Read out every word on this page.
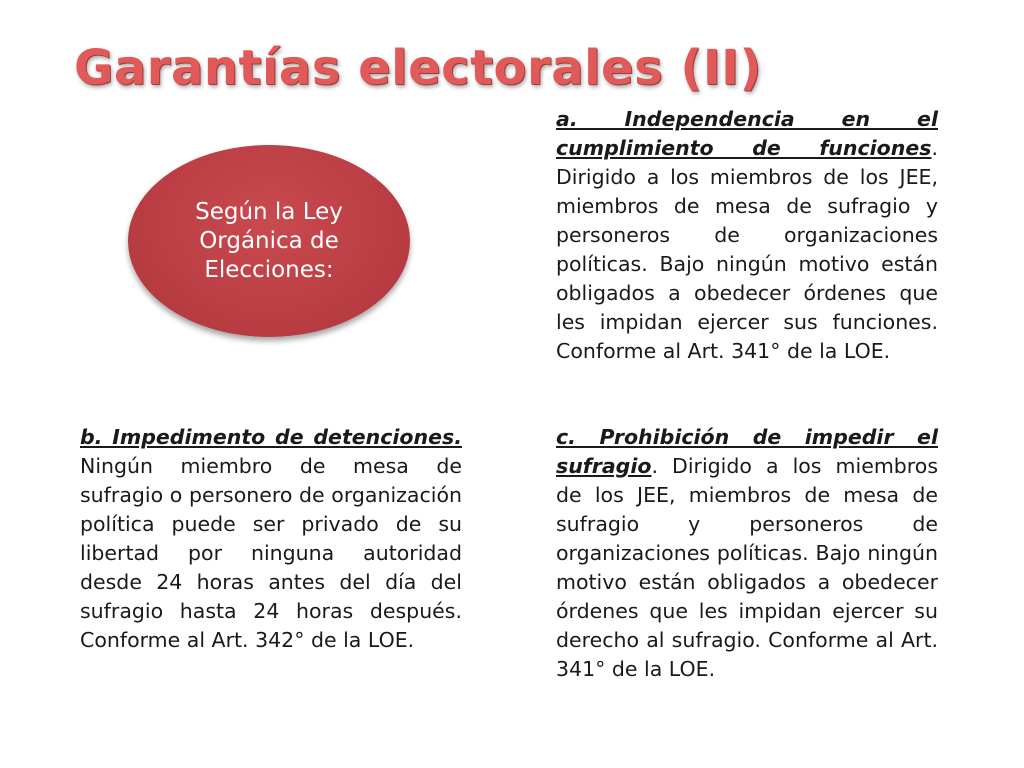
Garantías electorales (II)
Según la Ley Orgánica de Elecciones:
a. Independencia en el cumplimiento de funciones. Dirigido a los miembros de los JEE, miembros de mesa de sufragio y personeros de organizaciones políticas. Bajo ningún motivo están obligados a obedecer órdenes que les impidan ejercer sus funciones. Conforme al Art. 341° de la LOE.
b. Impedimento de detenciones. Ningún miembro de mesa de sufragio o personero de organización política puede ser privado de su libertad por ninguna autoridad desde 24 horas antes del día del sufragio hasta 24 horas después. Conforme al Art. 342° de la LOE.
c. Prohibición de impedir el sufragio. Dirigido a los miembros de los JEE, miembros de mesa de sufragio y personeros de organizaciones políticas. Bajo ningún motivo están obligados a obedecer órdenes que les impidan ejercer su derecho al sufragio. Conforme al Art. 341° de la LOE.
